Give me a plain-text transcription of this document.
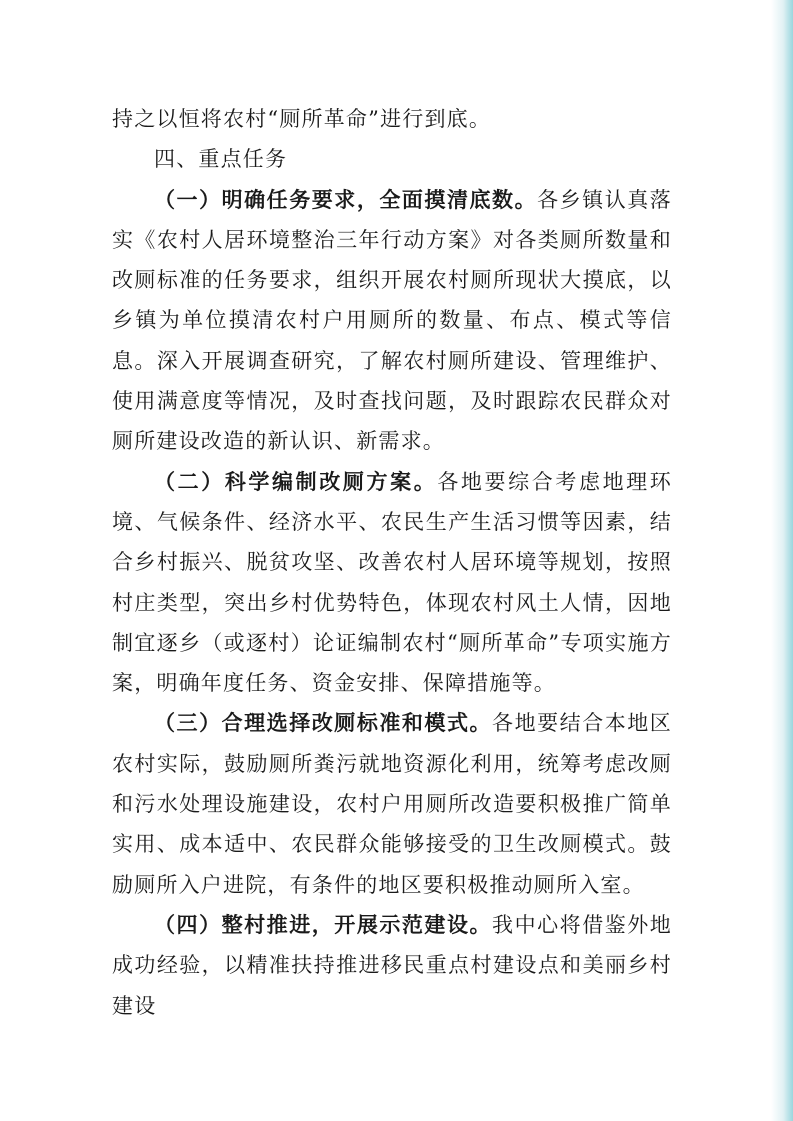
持之以恒将农村“厕所革命”进行到底。

四、重点任务

（一）明确任务要求，全面摸清底数。各乡镇认真落实《农村人居环境整治三年行动方案》对各类厕所数量和改厕标准的任务要求，组织开展农村厕所现状大摸底，以乡镇为单位摸清农村户用厕所的数量、布点、模式等信息。深入开展调查研究，了解农村厕所建设、管理维护、使用满意度等情况，及时查找问题，及时跟踪农民群众对厕所建设改造的新认识、新需求。

（二）科学编制改厕方案。各地要综合考虑地理环境、气候条件、经济水平、农民生产生活习惯等因素，结合乡村振兴、脱贫攻坚、改善农村人居环境等规划，按照村庄类型，突出乡村优势特色，体现农村风土人情，因地制宜逐乡（或逐村）论证编制农村“厕所革命”专项实施方案，明确年度任务、资金安排、保障措施等。

（三）合理选择改厕标准和模式。各地要结合本地区农村实际，鼓励厕所粪污就地资源化利用，统筹考虑改厕和污水处理设施建设，农村户用厕所改造要积极推广简单实用、成本适中、农民群众能够接受的卫生改厕模式。鼓励厕所入户进院，有条件的地区要积极推动厕所入室。

（四）整村推进，开展示范建设。我中心将借鉴外地成功经验，以精准扶持推进移民重点村建设点和美丽乡村建设
